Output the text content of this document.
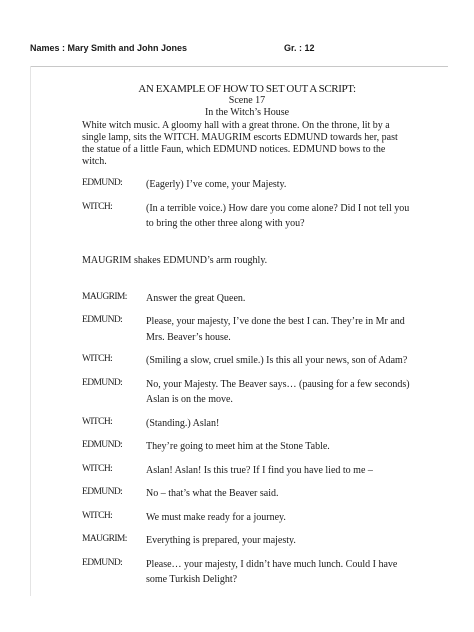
Names : Mary Smith and John Jones	Gr. : 12
AN EXAMPLE OF HOW TO SET OUT A SCRIPT:
Scene 17
In the Witch’s House
White witch music. A gloomy hall with a great throne. On the throne, lit by a single lamp, sits the WITCH. MAUGRIM escorts EDMUND towards her, past the statue of a little Faun, which EDMUND notices. EDMUND bows to the witch.
EDMUND:	(Eagerly) I’ve come, your Majesty.
WITCH:	(In a terrible voice.) How dare you come alone? Did I not tell you to bring the other three along with you?
MAUGRIM shakes EDMUND’s arm roughly.
MAUGRIM:	Answer the great Queen.
EDMUND:	Please, your majesty, I’ve done the best I can. They’re in Mr and Mrs. Beaver’s house.
WITCH:	(Smiling a slow, cruel smile.) Is this all your news, son of Adam?
EDMUND:	No, your Majesty. The Beaver says… (pausing for a few seconds) Aslan is on the move.
WITCH:	(Standing.) Aslan!
EDMUND:	They’re going to meet him at the Stone Table.
WITCH:	Aslan! Aslan! Is this true? If I find you have lied to me –
EDMUND:	No – that’s what the Beaver said.
WITCH:	We must make ready for a journey.
MAUGRIM:	Everything is prepared, your majesty.
EDMUND:	Please… your majesty, I didn’t have much lunch. Could I have some Turkish Delight?
